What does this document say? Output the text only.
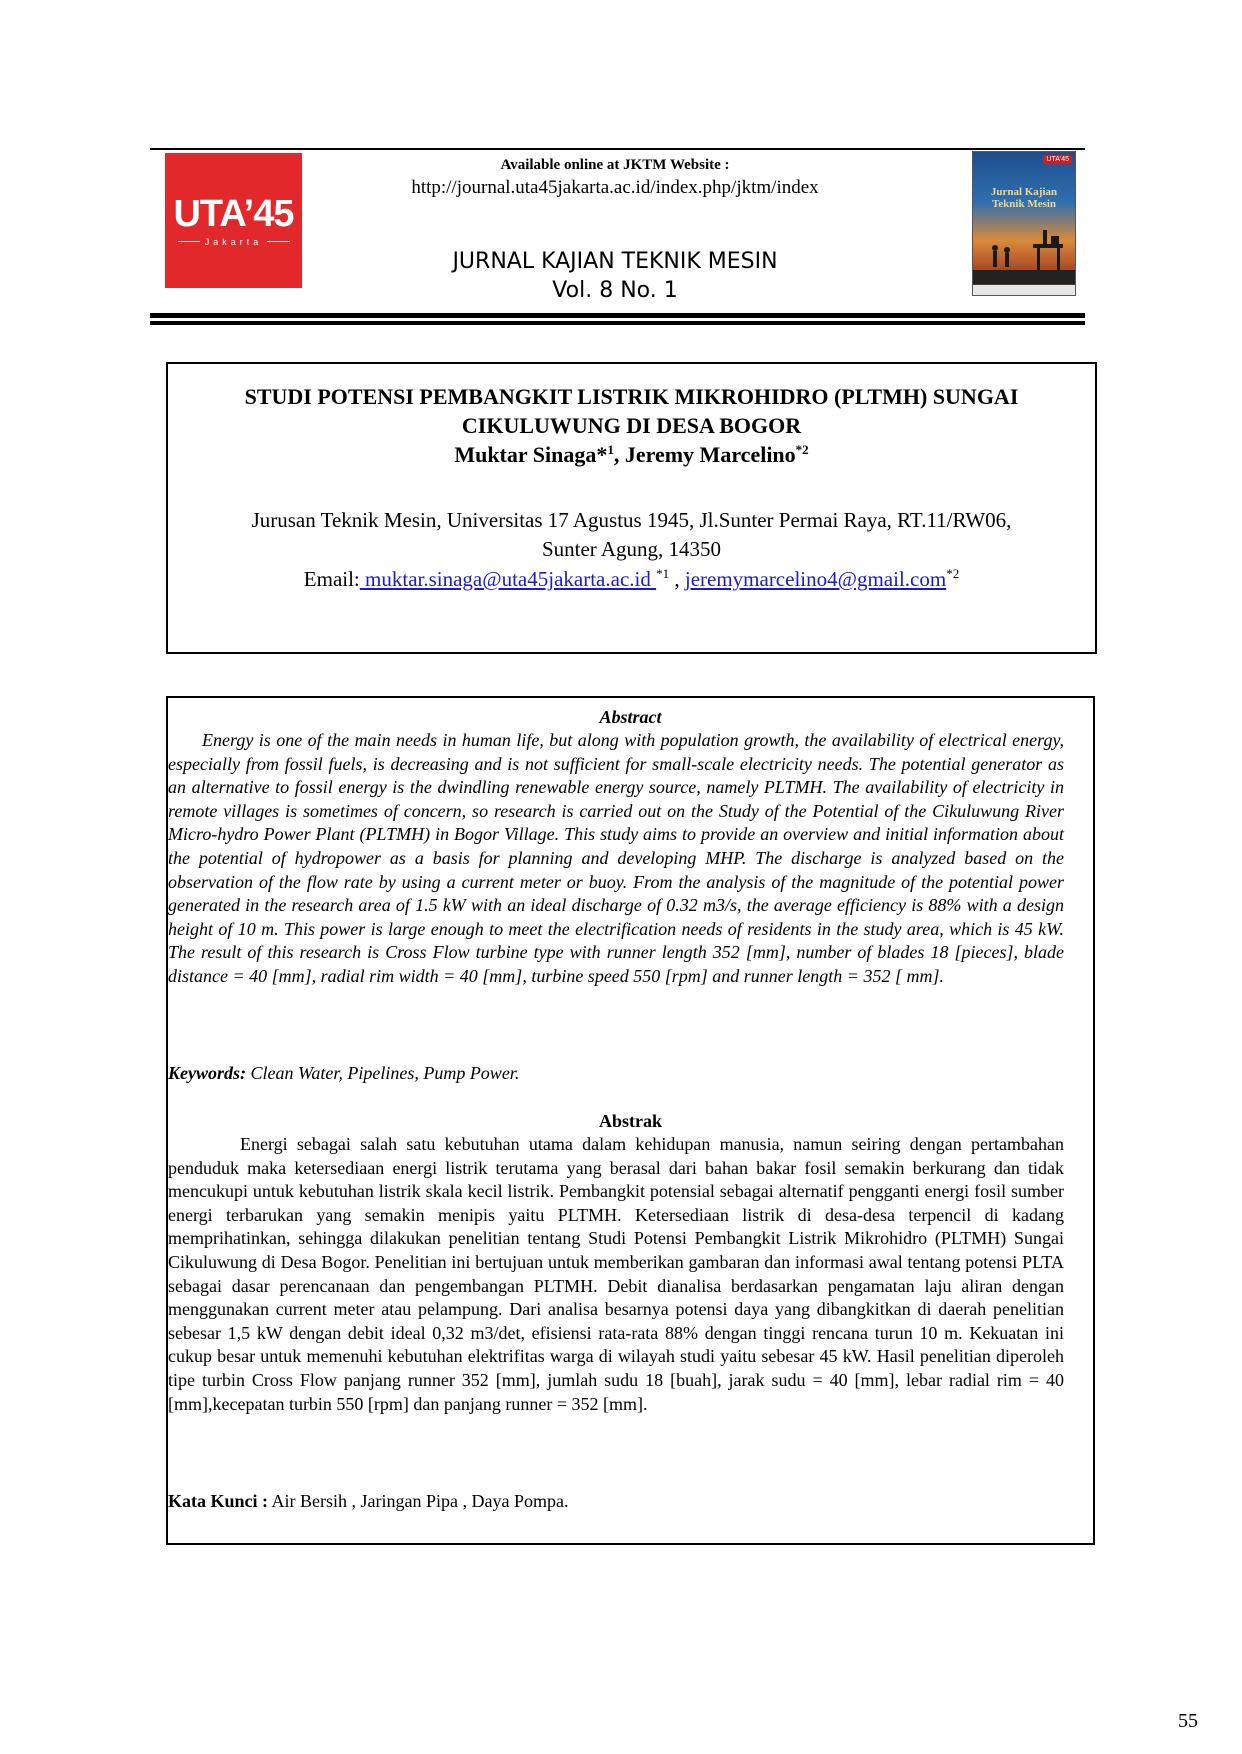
UTA’45
Jakarta
Available online at JKTM Website :
http://journal.uta45jakarta.ac.id/index.php/jktm/index
JURNAL KAJIAN TEKNIK MESIN
Vol. 8 No. 1
UTA'45
Jurnal Kajian
Teknik Mesin
STUDI POTENSI PEMBANGKIT LISTRIK MIKROHIDRO (PLTMH) SUNGAI
CIKULUWUNG DI DESA BOGOR
Muktar Sinaga*$^1$, Jeremy Marcelino$^{*2}$
Jurusan Teknik Mesin, Universitas 17 Agustus 1945, Jl.Sunter Permai Raya, RT.11/RW06,
Sunter Agung, 14350
Email: muktar.sinaga@uta45jakarta.ac.id $^{*1}$ , jeremymarcelino4@gmail.com$^{*2}$
Abstract
Energy is one of the main needs in human life, but along with population growth, the availability of electrical energy, especially from fossil fuels, is decreasing and is not sufficient for small-scale electricity needs. The potential generator as an alternative to fossil energy is the dwindling renewable energy source, namely PLTMH. The availability of electricity in remote villages is sometimes of concern, so research is carried out on the Study of the Potential of the Cikuluwung River Micro-hydro Power Plant (PLTMH) in Bogor Village. This study aims to provide an overview and initial information about the potential of hydropower as a basis for planning and developing MHP. The discharge is analyzed based on the observation of the flow rate by using a current meter or buoy. From the analysis of the magnitude of the potential power generated in the research area of 1.5 kW with an ideal discharge of 0.32 m3/s, the average efficiency is 88% with a design height of 10 m. This power is large enough to meet the electrification needs of residents in the study area, which is 45 kW. The result of this research is Cross Flow turbine type with runner length 352 [mm], number of blades 18 [pieces], blade distance = 40 [mm], radial rim width = 40 [mm], turbine speed 550 [rpm] and runner length = 352 [ mm].
Keywords: Clean Water, Pipelines, Pump Power.
Abstrak
Energi sebagai salah satu kebutuhan utama dalam kehidupan manusia, namun seiring dengan pertambahan penduduk maka ketersediaan energi listrik terutama yang berasal dari bahan bakar fosil semakin berkurang dan tidak mencukupi untuk kebutuhan listrik skala kecil listrik. Pembangkit potensial sebagai alternatif pengganti energi fosil sumber energi terbarukan yang semakin menipis yaitu PLTMH. Ketersediaan listrik di desa-desa terpencil di kadang memprihatinkan, sehingga dilakukan penelitian tentang Studi Potensi Pembangkit Listrik Mikrohidro (PLTMH) Sungai Cikuluwung di Desa Bogor. Penelitian ini bertujuan untuk memberikan gambaran dan informasi awal tentang potensi PLTA sebagai dasar perencanaan dan pengembangan PLTMH. Debit dianalisa berdasarkan pengamatan laju aliran dengan menggunakan current meter atau pelampung. Dari analisa besarnya potensi daya yang dibangkitkan di daerah penelitian sebesar 1,5 kW dengan debit ideal 0,32 m3/det, efisiensi rata-rata 88% dengan tinggi rencana turun 10 m. Kekuatan ini cukup besar untuk memenuhi kebutuhan elektrifitas warga di wilayah studi yaitu sebesar 45 kW. Hasil penelitian diperoleh tipe turbin Cross Flow panjang runner 352 [mm], jumlah sudu 18 [buah], jarak sudu = 40 [mm], lebar radial rim = 40 [mm],kecepatan turbin 550 [rpm] dan panjang runner = 352 [mm].
Kata Kunci : Air Bersih , Jaringan Pipa , Daya Pompa.
55
